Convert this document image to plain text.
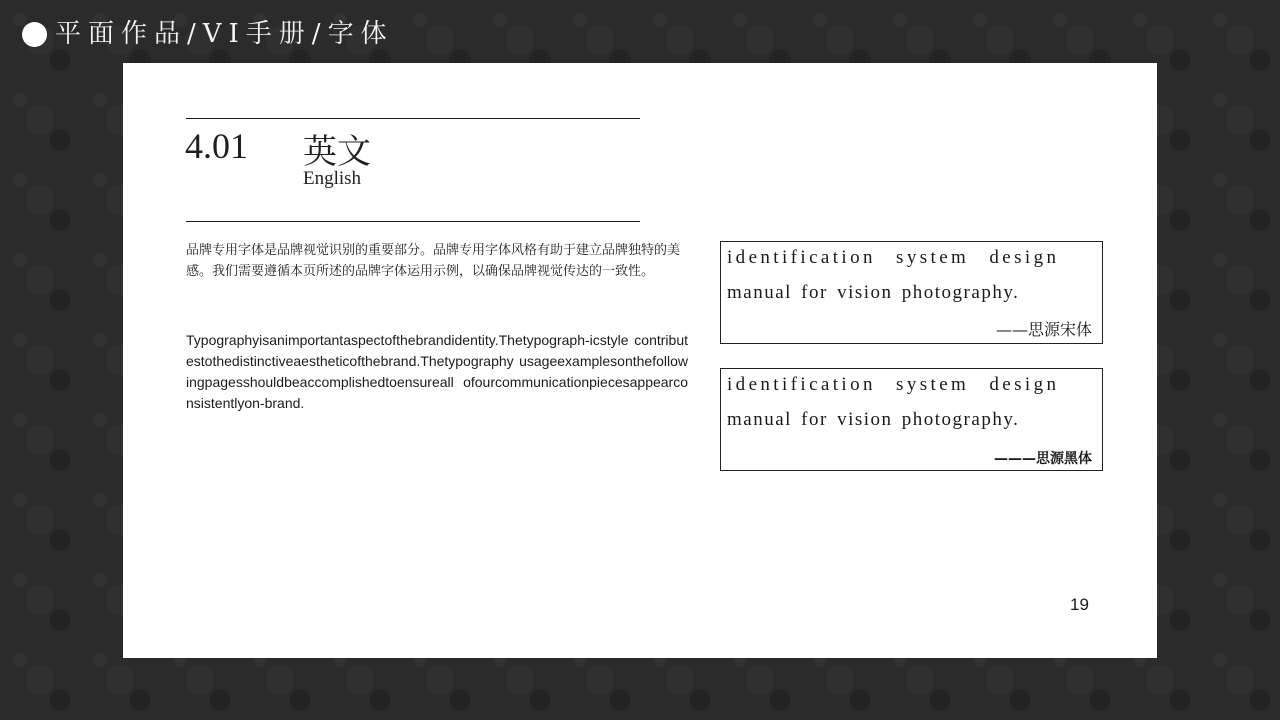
平面作品/VI手册/字体
4.01 英文
English
品牌专用字体是品牌视觉识别的重要部分。品牌专用字体风格有助于建立品牌独特的美感。我们需要遵循本页所述的品牌字体运用示例，以确保品牌视觉传达的一致性。
Typographyisanimportantaspectofthebrandidentity.Thetypograph-icstyle contributestothedistinctiveaestheticofthebrand.Thetypography usageexamplesonthefollowingpagesshouldbeaccomplishedtoensureall ofourcommunicationpiecesappearconsistentlyon-brand.
identification system design
manual for vision photography.
——思源宋体
identification system design
manual for vision photography.
———思源黑体
19
